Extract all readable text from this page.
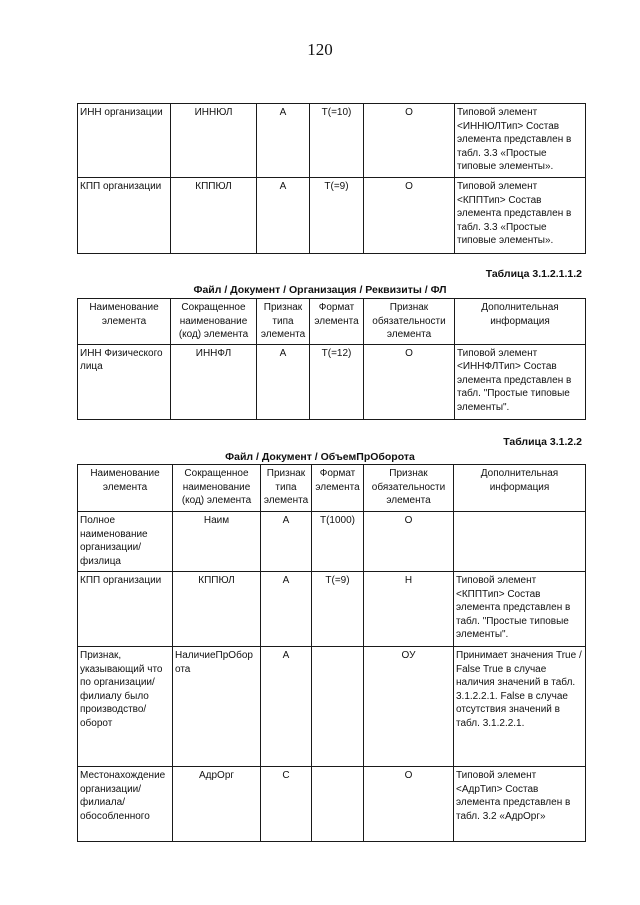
120
ИНН организации	ИННЮЛ	А	T(=10)	О	Типовой элемент <ИННЮЛТип> Состав элемента представлен в табл. 3.3 «Простые типовые элементы».
КПП организации	КППЮЛ	А	T(=9)	О	Типовой элемент <КППТип> Состав элемента представлен в табл. 3.3 «Простые типовые элементы».
Таблица 3.1.2.1.1.2
Файл / Документ / Организация / Реквизиты / ФЛ
Наименование элемента	Сокращенное наименование (код) элемента	Признак типа элемента	Формат элемента	Признак обязательности элемента	Дополнительная информация
ИНН Физического лица	ИННФЛ	А	T(=12)	О	Типовой элемент <ИННФЛТип> Состав элемента представлен в табл. "Простые типовые элементы".
Таблица 3.1.2.2
Файл / Документ / ОбъемПрОборота
Наименование элемента	Сокращенное наименование (код) элемента	Признак типа элемента	Формат элемента	Признак обязательности элемента	Дополнительная информация
Полное наименование организации/физлица	Наим	А	T(1000)	О	
КПП организации	КППЮЛ	А	T(=9)	Н	Типовой элемент <КППТип> Состав элемента представлен в табл. "Простые типовые элементы".
Признак, указывающий что по организации/ филиалу было производство/ оборот	НаличиеПрОборота	А		ОУ	Принимает значения True / False True в случае наличия значений в табл. 3.1.2.2.1. False в случае отсутствия значений в табл. 3.1.2.2.1.
Местонахождение организации/филиала/обособленного	АдрОрг	С		О	Типовой элемент <АдрТип> Состав элемента представлен в табл. 3.2 «АдрОрг»
